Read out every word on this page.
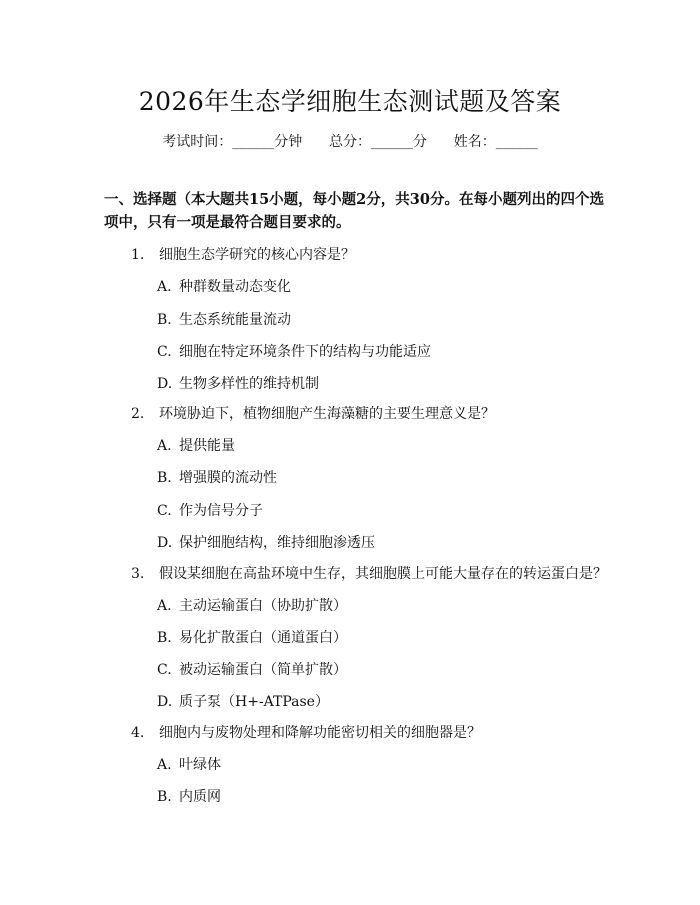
2026年生态学细胞生态测试题及答案
考试时间：______分钟      总分：______分      姓名：______
一、选择题（本大题共15小题，每小题2分，共30分。在每小题列出的四个选项中，只有一项是最符合题目要求的。
1. 细胞生态学研究的核心内容是？
A. 种群数量动态变化
B. 生态系统能量流动
C. 细胞在特定环境条件下的结构与功能适应
D. 生物多样性的维持机制
2. 环境胁迫下，植物细胞产生海藻糖的主要生理意义是？
A. 提供能量
B. 增强膜的流动性
C. 作为信号分子
D. 保护细胞结构，维持细胞渗透压
3. 假设某细胞在高盐环境中生存，其细胞膜上可能大量存在的转运蛋白是？
A. 主动运输蛋白（协助扩散）
B. 易化扩散蛋白（通道蛋白）
C. 被动运输蛋白（简单扩散）
D. 质子泵（H+-ATPase）
4. 细胞内与废物处理和降解功能密切相关的细胞器是？
A. 叶绿体
B. 内质网
